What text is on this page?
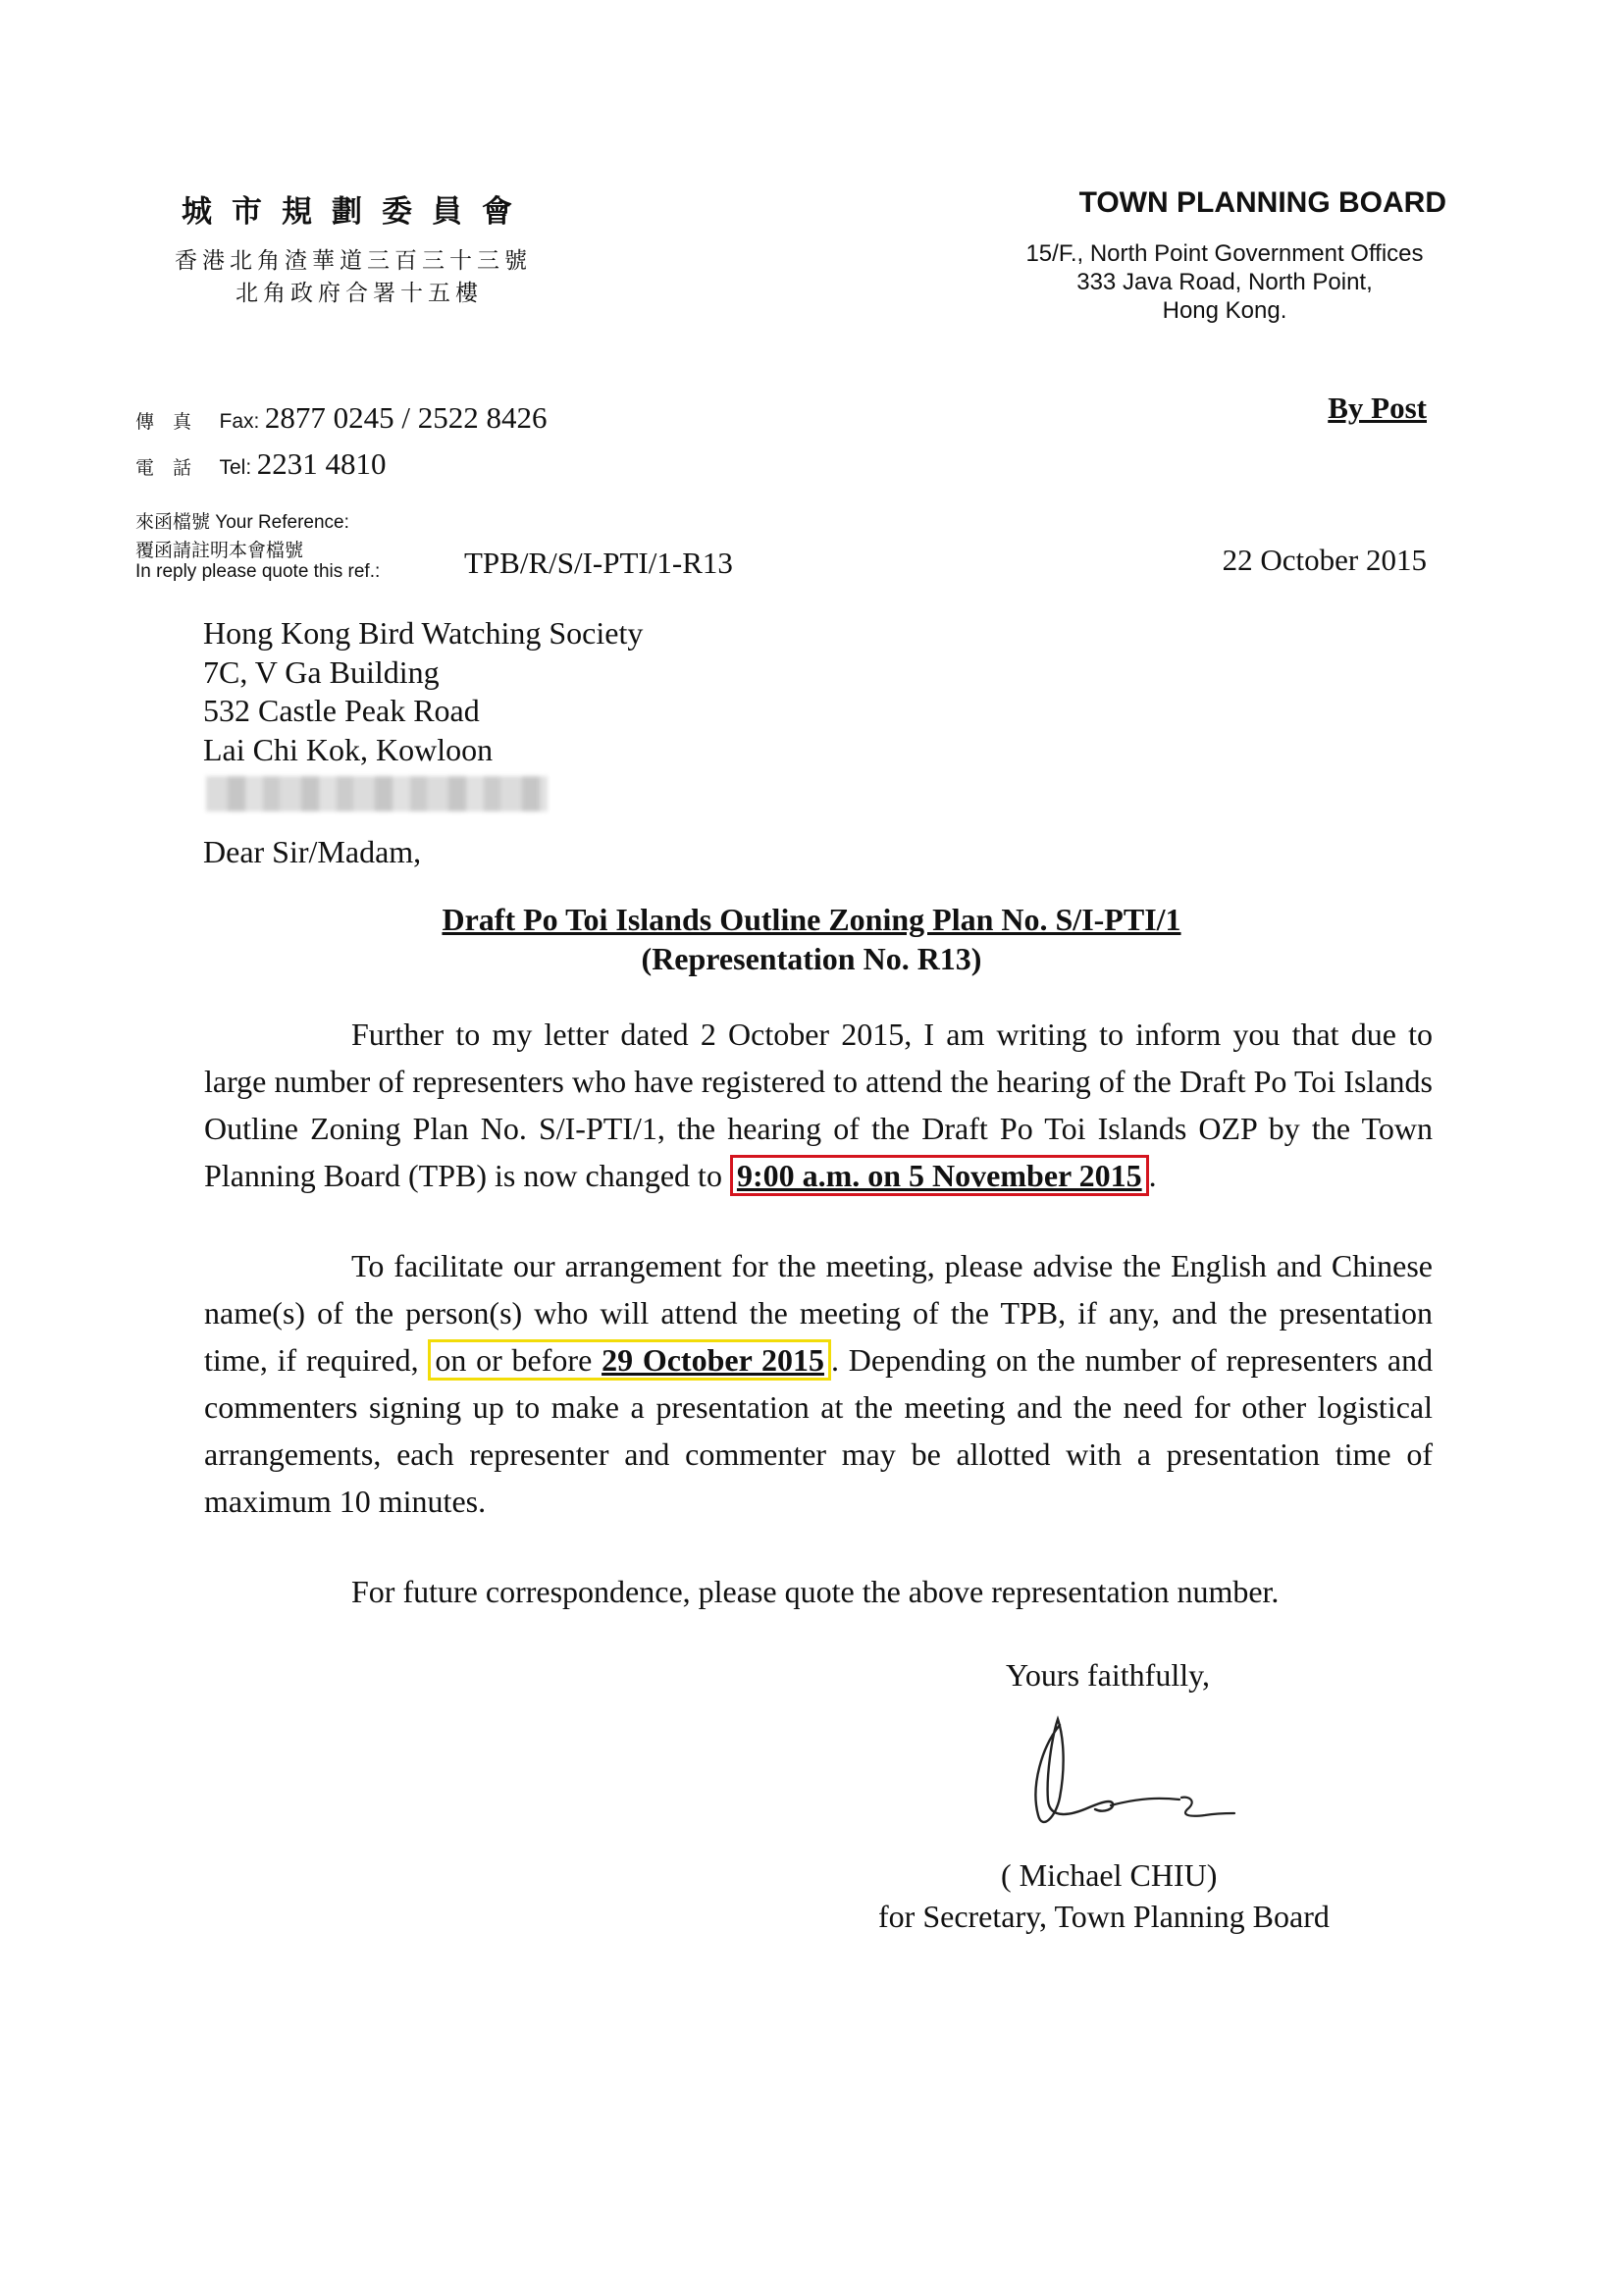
城市規劃委員會
香港北角渣華道三百三十三號
北角政府合署十五樓
TOWN PLANNING BOARD
15/F., North Point Government Offices
333 Java Road, North Point,
Hong Kong.
傳　真 Fax: 2877 0245 / 2522 8426
電　話 Tel: 2231 4810
By Post
來函檔號 Your Reference:
覆函請註明本會檔號
In reply please quote this ref.:	TPB/R/S/I-PTI/1-R13	22 October 2015
Hong Kong Bird Watching Society
7C, V Ga Building
532 Castle Peak Road
Lai Chi Kok, Kowloon
Dear Sir/Madam,
Draft Po Toi Islands Outline Zoning Plan No. S/I-PTI/1
(Representation No. R13)
Further to my letter dated 2 October 2015, I am writing to inform you that due to large number of representers who have registered to attend the hearing of the Draft Po Toi Islands Outline Zoning Plan No. S/I-PTI/1, the hearing of the Draft Po Toi Islands OZP by the Town Planning Board (TPB) is now changed to 9:00 a.m. on 5 November 2015 .
To facilitate our arrangement for the meeting, please advise the English and Chinese name(s) of the person(s) who will attend the meeting of the TPB, if any, and the presentation time, if required, on or before 29 October 2015 . Depending on the number of representers and commenters signing up to make a presentation at the meeting and the need for other logistical arrangements, each representer and commenter may be allotted with a presentation time of maximum 10 minutes.
For future correspondence, please quote the above representation number.
Yours faithfully,
( Michael CHIU)
for Secretary, Town Planning Board
